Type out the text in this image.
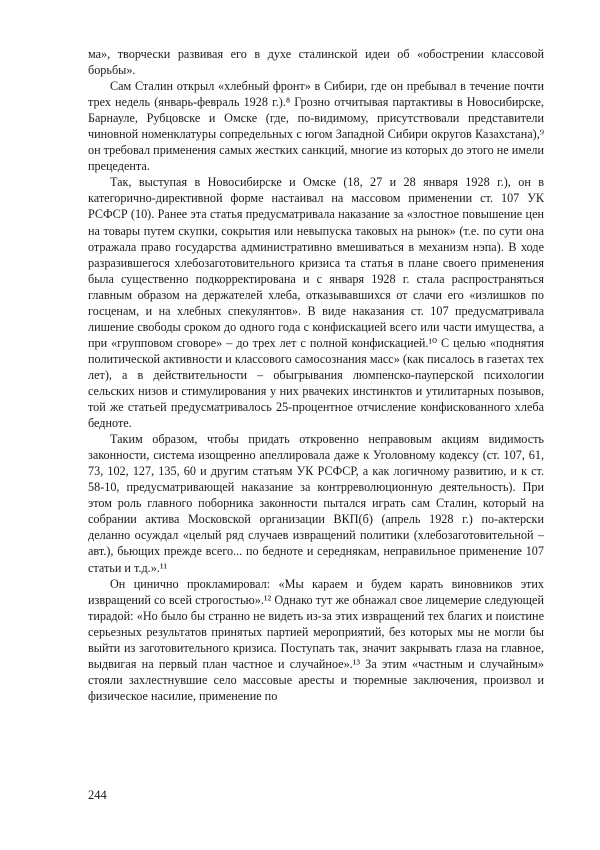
ма», творчески развивая его в духе сталинской идеи об «обострении классовой борьбы».

Сам Сталин открыл «хлебный фронт» в Сибири, где он пребывал в течение почти трех недель (январь-февраль 1928 г.).⁸ Грозно отчитывая партактивы в Новосибирске, Барнауле, Рубцовске и Омске (где, по-видимому, присутствовали представители чиновной номенклатуры сопредельных с югом Западной Сибири округов Казахстана),⁹ он требовал применения самых жестких санкций, многие из которых до этого не имели прецедента.

Так, выступая в Новосибирске и Омске (18, 27 и 28 января 1928 г.), он в категорично-директивной форме настаивал на массовом применении ст. 107 УК РСФСР (10). Ранее эта статья предусматривала наказание за «злостное повышение цен на товары путем скупки, сокрытия или невыпуска таковых на рынок» (т.е. по сути она отражала право государства административно вмешиваться в механизм нэпа). В ходе разразившегося хлебозаготовительного кризиса та статья в плане своего применения была существенно подкорректирована и с января 1928 г. стала распространяться главным образом на держателей хлеба, отказывавшихся от слачи его «излишков по госценам, и на хлебных спекулянтов». В виде наказания ст. 107 предусматривала лишение свободы сроком до одного года с конфискацией всего или части имущества, а при «групповом сговоре» – до трех лет с полной конфискацией.¹⁰ С целью «поднятия политической активности и классового самосознания масс» (как писалось в газетах тех лет), а в действительности – обыгрывания люмпенско-пауперской психологии сельских низов и стимулирования у них рвачеких инстинктов и утилитарных позывов, той же статьей предусматривалось 25-процентное отчисление конфискованного хлеба бедноте.

Таким образом, чтобы придать откровенно неправовым акциям видимость законности, система изощренно апеллировала даже к Уголовному кодексу (ст. 107, 61, 73, 102, 127, 135, 60 и другим статьям УК РСФСР, а как логичному развитию, и к ст. 58-10, предусматривающей наказание за контрреволюционную деятельность). При этом роль главного поборника законности пытался играть сам Сталин, который на собрании актива Московской организации ВКП(б) (апрель 1928 г.) по-актерски деланно осуждал «целый ряд случаев извращений политики (хлебозаготовительной – авт.), бьющих прежде всего... по бедноте и середнякам, неправильное применение 107 статьи и т.д.».¹¹

Он цинично прокламировал: «Мы караем и будем карать виновников этих извращений со всей строгостью».¹² Однако тут же обнажал свое лицемерие следующей тирадой: «Но было бы странно не видеть из-за этих извращений тех благих и поистине серьезных результатов принятых партией мероприятий, без которых мы не могли бы выйти из заготовительного кризиса. Поступать так, значит закрывать глаза на главное, выдвигая на первый план частное и случайное».¹³ За этим «частным и случайным» стояли захлестнувшие село массовые аресты и тюремные заключения, произвол и физическое насилие, применение по

244
